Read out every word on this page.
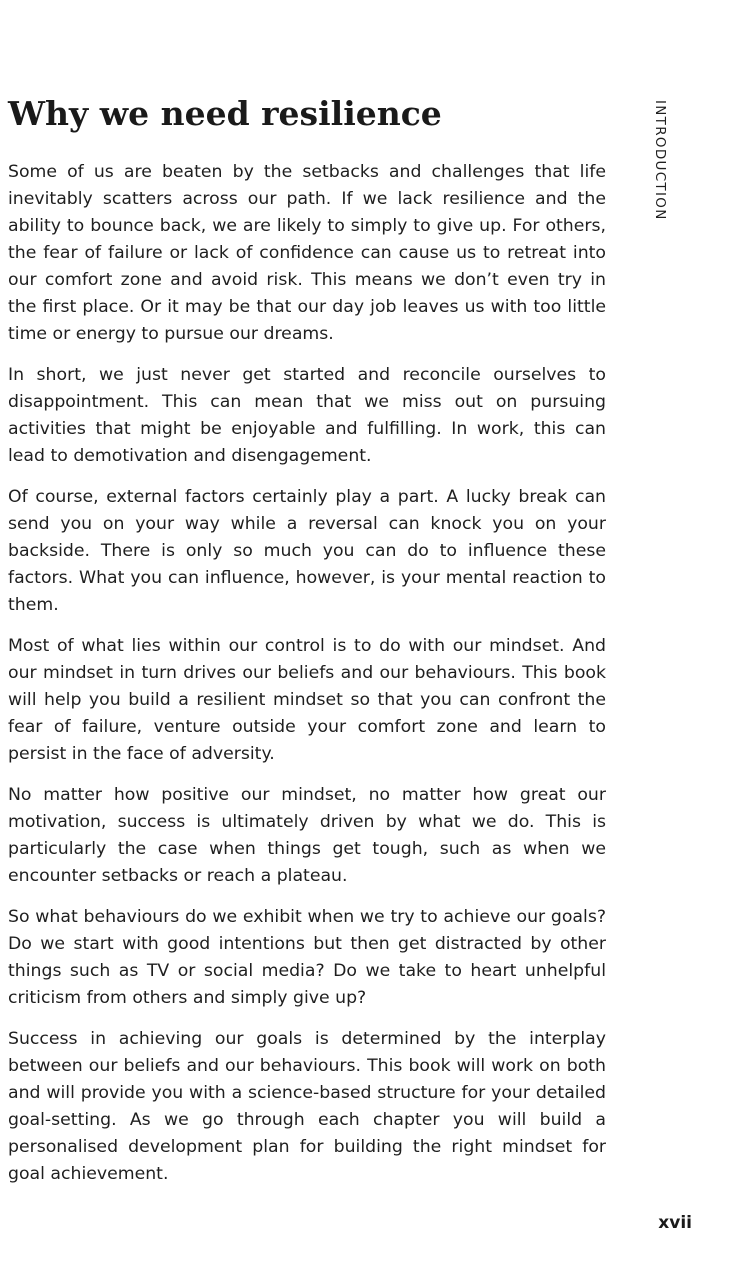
Why we need resilience

Some of us are beaten by the setbacks and challenges that life inevitably scatters across our path. If we lack resilience and the ability to bounce back, we are likely to simply to give up. For others, the fear of failure or lack of confidence can cause us to retreat into our comfort zone and avoid risk. This means we don’t even try in the first place. Or it may be that our day job leaves us with too little time or energy to pursue our dreams.

In short, we just never get started and reconcile ourselves to disappointment. This can mean that we miss out on pursuing activities that might be enjoyable and fulfilling. In work, this can lead to demotivation and disengagement.

Of course, external factors certainly play a part. A lucky break can send you on your way while a reversal can knock you on your backside. There is only so much you can do to influence these factors. What you can influence, however, is your mental reaction to them.

Most of what lies within our control is to do with our mindset. And our mindset in turn drives our beliefs and our behaviours. This book will help you build a resilient mindset so that you can confront the fear of failure, venture outside your comfort zone and learn to persist in the face of adversity.

No matter how positive our mindset, no matter how great our motivation, success is ultimately driven by what we do. This is particularly the case when things get tough, such as when we encounter setbacks or reach a plateau.

So what behaviours do we exhibit when we try to achieve our goals? Do we start with good intentions but then get distracted by other things such as TV or social media? Do we take to heart unhelpful criticism from others and simply give up?

Success in achieving our goals is determined by the interplay between our beliefs and our behaviours. This book will work on both and will provide you with a science-based structure for your detailed goal-setting. As we go through each chapter you will build a personalised development plan for building the right mindset for goal achievement.

INTRODUCTION

xvii
